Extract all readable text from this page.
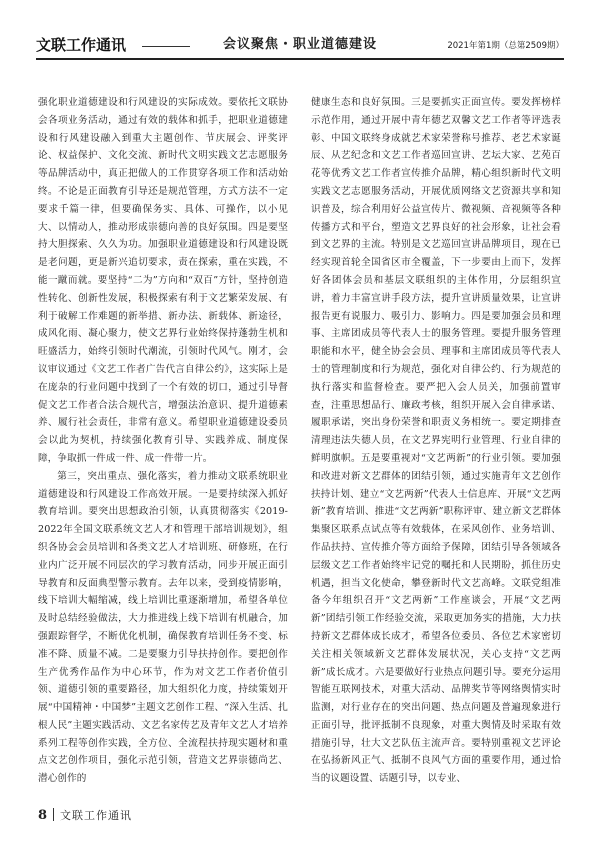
文联工作通讯	会议聚焦・职业道德建设	2021年第1期（总第2509期）

强化职业道德建设和行风建设的实际成效。要依托文联协会各项业务活动，通过有效的载体和抓手，把职业道德建设和行风建设融入到重大主题创作、节庆展会、评奖评论、权益保护、文化交流、新时代文明实践文艺志愿服务等品牌活动中，真正把做人的工作贯穿各项工作和活动始终。不论是正面教育引导还是规范管理，方式方法不一定要求千篇一律，但要确保务实、具体、可操作，以小见大、以情动人，推动形成崇德向善的良好氛围。四是要坚持大胆探索、久久为功。加强职业道德建设和行风建设既是老问题，更是新兴追切要求，责在探索，重在实践，不能一蹴而就。要坚持“二为”方向和“双百”方针，坚持创造性转化、创新性发展，积极探索有利于文艺繁荣发展、有利于破解工作难题的新举措、新办法、新载体、新途径，成风化雨、凝心聚力，使文艺界行业始终保持蓬勃生机和旺盛活力，始终引领时代潮流，引领时代风气。刚才，会议审议通过《文艺工作者广告代言自律公约》，这实际上是在庞杂的行业问题中找到了一个有效的切口，通过引导督促文艺工作者合法合规代言，增强法治意识、提升道德素养、履行社会责任，非常有意义。希望职业道德建设委员会以此为契机，持续强化教育引导、实践养成、制度保障，争取抓一件成一件、成一件带一片。

第三，突出重点、强化落实，着力推动文联系统职业道德建设和行风建设工作高效开展。一是要持续深入抓好教育培训。要突出思想政治引领，认真贯彻落实《2019-2022年全国文联系统文艺人才和管理干部培训规划》，组织各协会会员培训和各类文艺人才培训班、研修班，在行业内广泛开展不同层次的学习教育活动，同步开展正面引导教育和反面典型警示教育。去年以来，受到疫情影响，线下培训大幅缩减，线上培训比重逐渐增加，希望各单位及时总结经验做法，大力推进线上线下培训有机融合，加强跟踪督学，不断优化机制，确保教育培训任务不变、标准不降、质量不减。二是要聚力引导扶持创作。要把创作生产优秀作品作为中心环节，作为对文艺工作者价值引领、道德引领的重要路径，加大组织化力度，持续策划开展“中国精神・中国梦”主题文艺创作工程、“深入生活、扎根人民”主题实践活动、文艺名家传艺及青年文艺人才培养系列工程等创作实践，全方位、全流程扶持现实题材和重点文艺创作项目，强化示范引领，营造文艺界崇德尚艺、潜心创作的

健康生态和良好氛围。三是要抓实正面宣传。要发挥榜样示范作用，通过开展中青年德艺双馨文艺工作者等评选表彰、中国文联终身成就艺术家荣誉称号推荐、老艺术家诞辰、从艺纪念和文艺工作者巡回宣讲、艺坛大家、艺苑百花等优秀文艺工作者宣传推介品牌，精心组织新时代文明实践文艺志愿服务活动，开展优质网络文艺资源共享和知识普及，综合利用好公益宣传片、微视频、音视频等各种传播方式和平台，塑造文艺界良好的社会形象，让社会看到文艺界的主流。特别是文艺巡回宣讲品牌项目，现在已经实现首轮全国省区市全覆盖，下一步要由上而下，发挥好各团体会员和基层文联组织的主体作用，分层组织宣讲，着力丰富宣讲手段方法，提升宣讲质量效果，让宣讲报告更有说服力、吸引力、影响力。四是要加强会员和理事、主席团成员等代表人士的服务管理。要提升服务管理职能和水平，健全协会会员、理事和主席团成员等代表人士的管理制度和行为规范，强化对自律公约、行为规范的执行落实和监督检查。要严把入会人员关，加强前置审查，注重思想品行、廉政考核，组织开展入会自律承诺、履职承诺，突出身份荣誉和职责义务相统一。要定期排查清理违法失德人员，在文艺界宪明行业管理、行业自律的鲜明旗帜。五是要重视对“文艺两新”的行业引领。要加强和改进对新文艺群体的团结引领，通过实施青年文艺创作扶持计划、建立“文艺两新”代表人士信息库、开展“文艺两新”教育培训、推进“文艺两新”职称评审、建立新文艺群体集聚区联系点试点等有效载体，在采风创作、业务培训、作品扶持、宣传推介等方面给予保障，团结引导各领域各层级文艺工作者始终牢记党的嘱托和人民期盼，抓住历史机遇，担当文化使命，攀登新时代文艺高峰。文联党组准备今年组织召开“文艺两新”工作座谈会，开展“文艺两新”团结引领工作经验交流，采取更加务实的措施，大力扶持新文艺群体成长成才，希望各位委员、各位艺术家密切关注相关领域新文艺群体发展状况，关心支持“文艺两新”成长成才。六是要做好行业热点问题引导。要充分运用智能互联网技术，对重大活动、品牌奖节等网络舆情实时监测，对行业存在的突出问题、热点问题及普遍现象进行正面引导，批评抵制不良现象，对重大舆情及时采取有效措施引导，壮大文艺队伍主流声音。要特别重视文艺评论在弘扬新风正气、抵制不良风气方面的重要作用，通过恰当的议题设置、话题引导，以专业、

8 文联工作通讯
